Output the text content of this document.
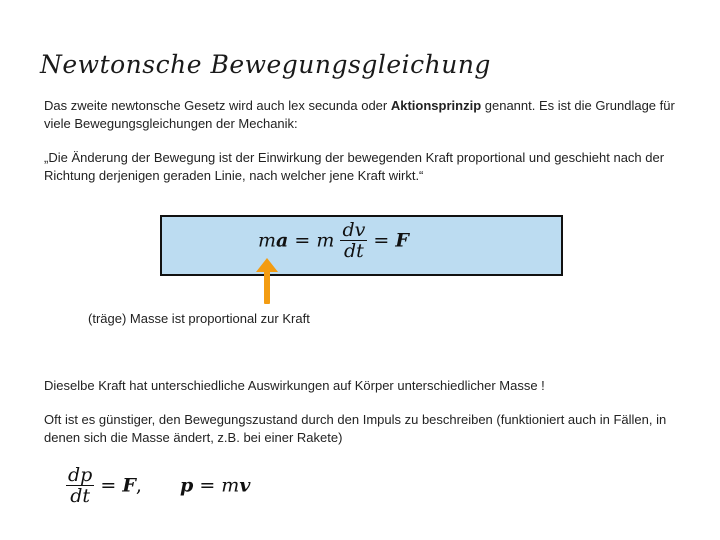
Newtonsche Bewegungsgleichung
Das zweite newtonsche Gesetz wird auch lex secunda oder Aktionsprinzip genannt. Es ist die Grundlage für viele Bewegungsgleichungen der Mechanik:
„Die Änderung der Bewegung ist der Einwirkung der bewegenden Kraft proportional und geschieht nach der Richtung derjenigen geraden Linie, nach welcher jene Kraft wirkt.“
ma = m $\frac{dv}{dt} = F$
(träge) Masse ist proportional zur Kraft
Dieselbe Kraft hat unterschiedliche Auswirkungen auf Körper unterschiedlicher Masse !
Oft ist es günstiger, den Bewegungszustand durch den Impuls zu beschreiben (funktioniert auch in Fällen, in denen sich die Masse ändert, z.B. bei einer Rakete)
$\frac{dp}{dt} = F$, p = mv
